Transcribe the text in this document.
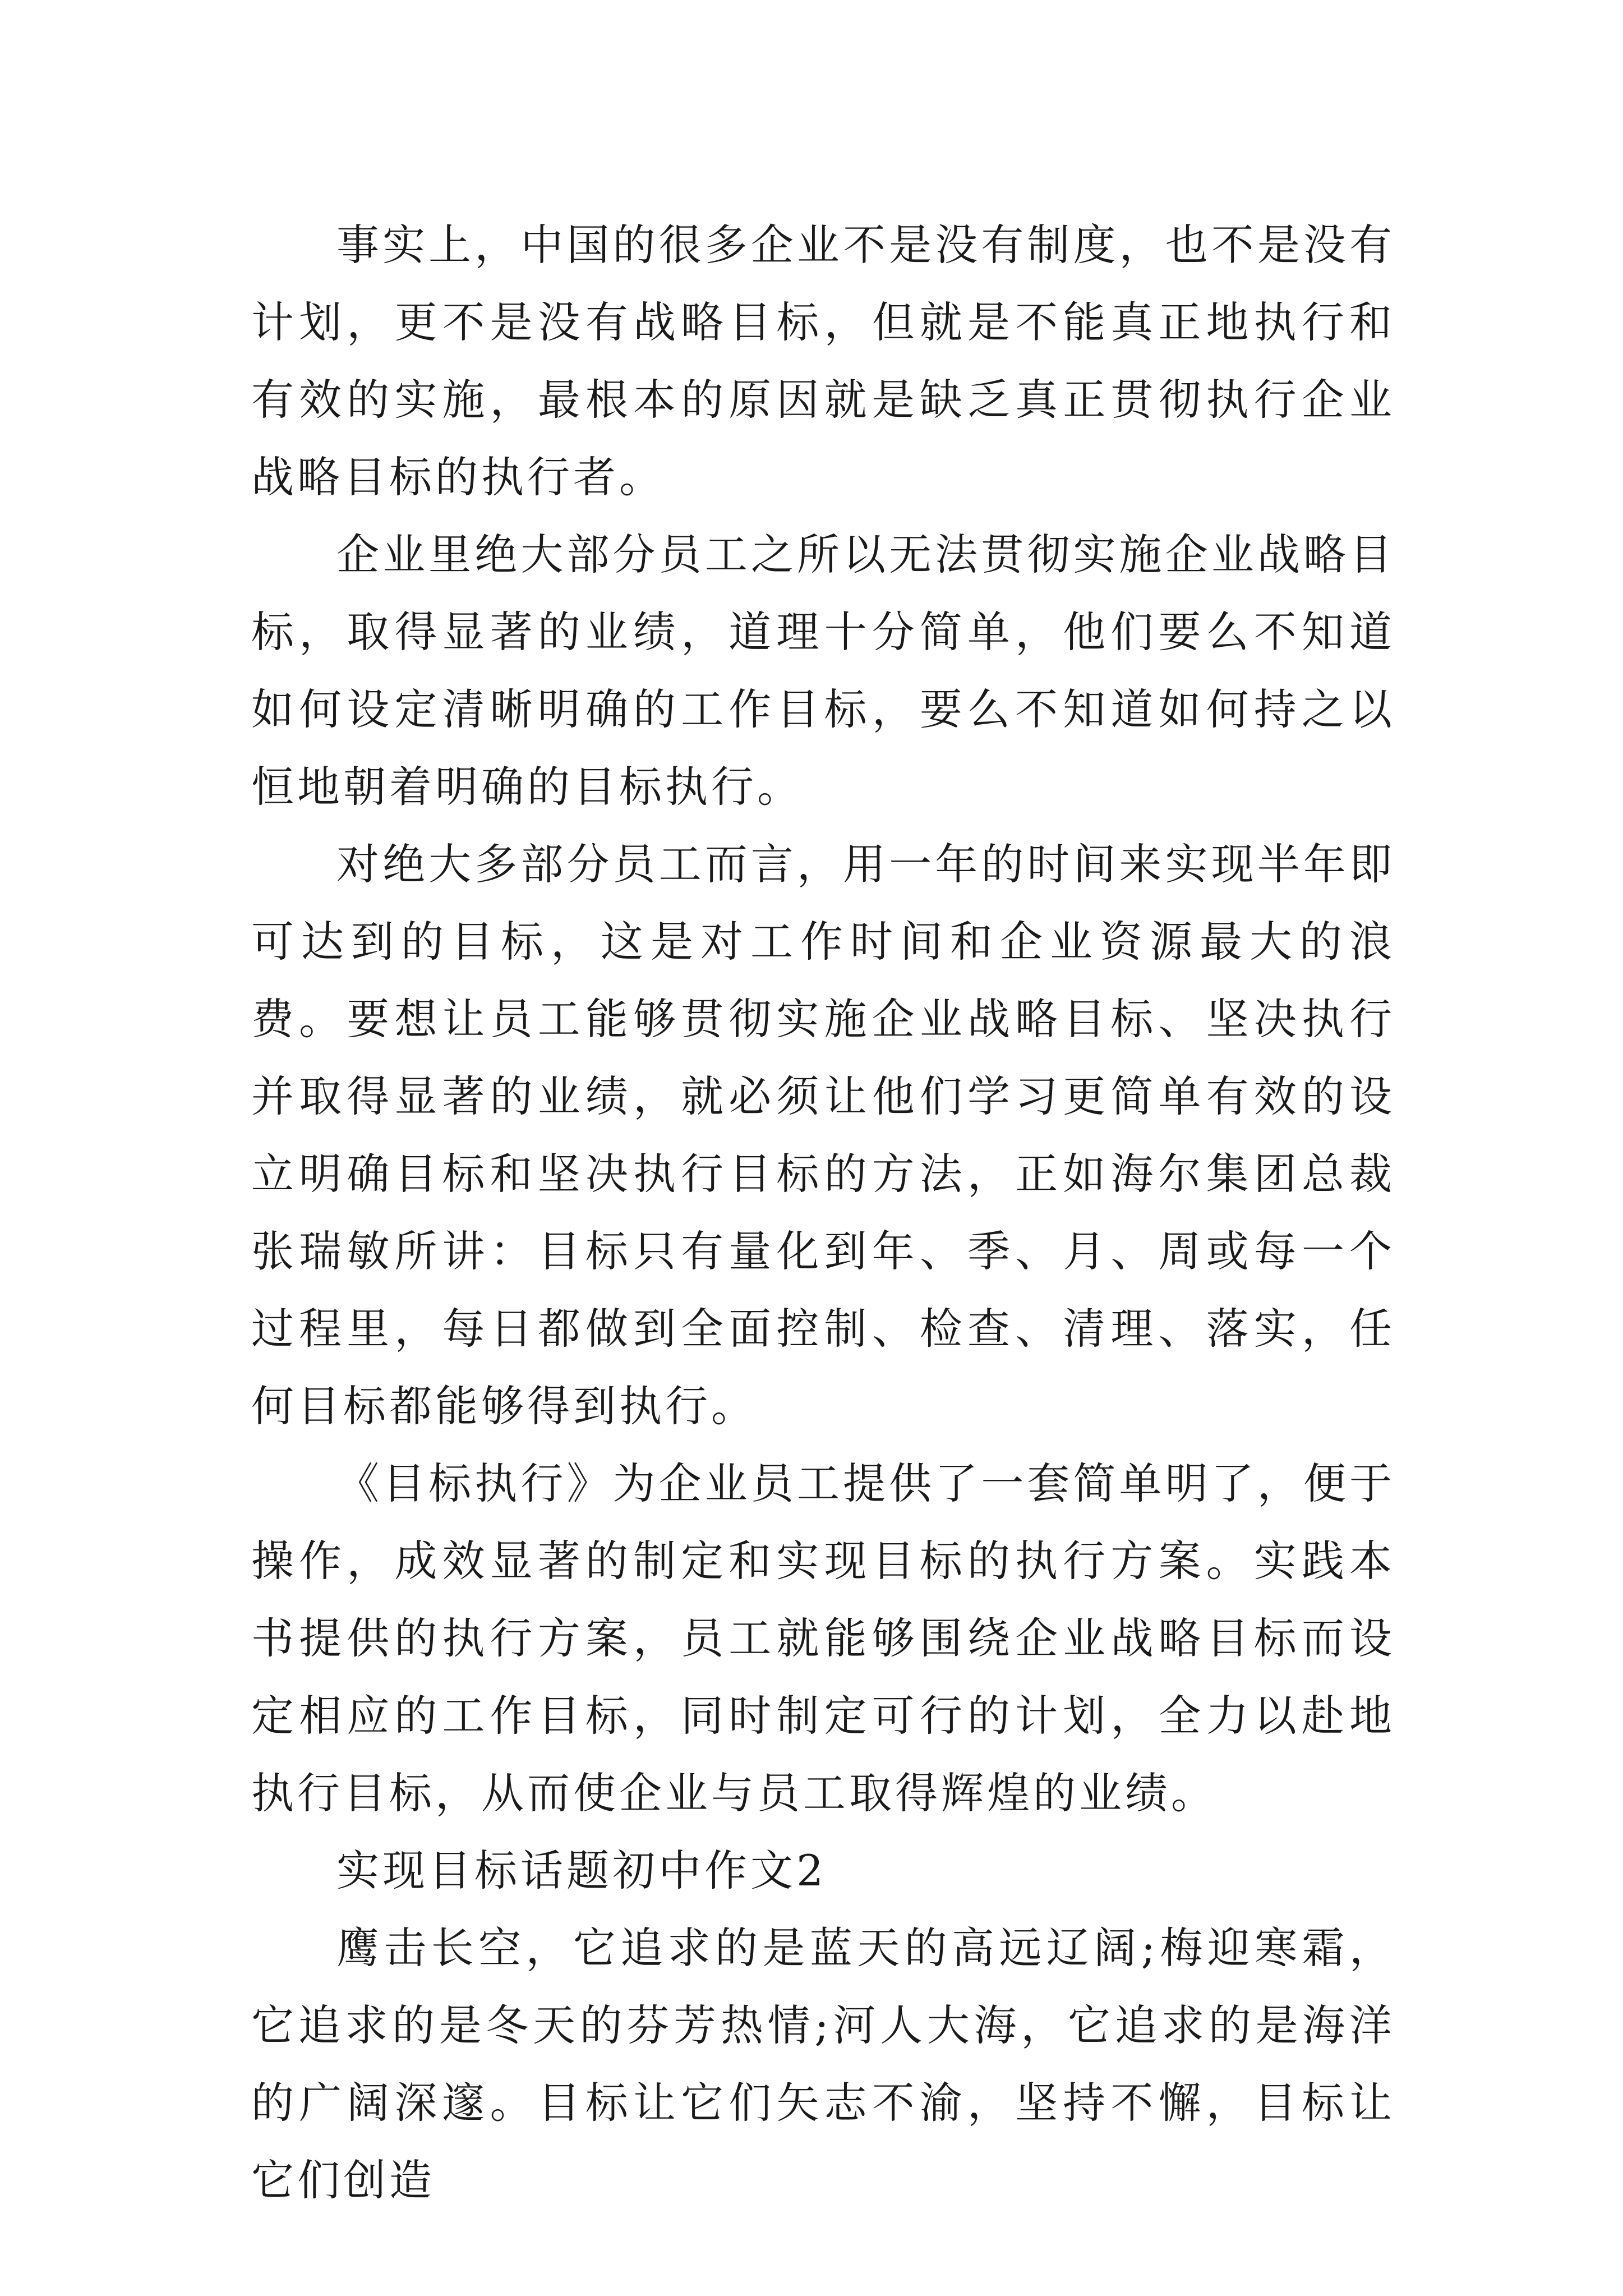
事实上，中国的很多企业不是没有制度，也不是没有计划，更不是没有战略目标，但就是不能真正地执行和有效的实施，最根本的原因就是缺乏真正贯彻执行企业战略目标的执行者。

企业里绝大部分员工之所以无法贯彻实施企业战略目标，取得显著的业绩，道理十分简单，他们要么不知道如何设定清晰明确的工作目标，要么不知道如何持之以恒地朝着明确的目标执行。

对绝大多部分员工而言，用一年的时间来实现半年即可达到的目标，这是对工作时间和企业资源最大的浪费。要想让员工能够贯彻实施企业战略目标、坚决执行并取得显著的业绩，就必须让他们学习更简单有效的设立明确目标和坚决执行目标的方法，正如海尔集团总裁张瑞敏所讲：目标只有量化到年、季、月、周或每一个过程里，每日都做到全面控制、检查、清理、落实，任何目标都能够得到执行。

《目标执行》为企业员工提供了一套简单明了，便于操作，成效显著的制定和实现目标的执行方案。实践本书提供的执行方案，员工就能够围绕企业战略目标而设定相应的工作目标，同时制定可行的计划，全力以赴地执行目标，从而使企业与员工取得辉煌的业绩。

实现目标话题初中作文2

鹰击长空，它追求的是蓝天的高远辽阔;梅迎寒霜，它追求的是冬天的芬芳热情;河人大海，它追求的是海洋的广阔深邃。目标让它们矢志不渝，坚持不懈，目标让它们创造
